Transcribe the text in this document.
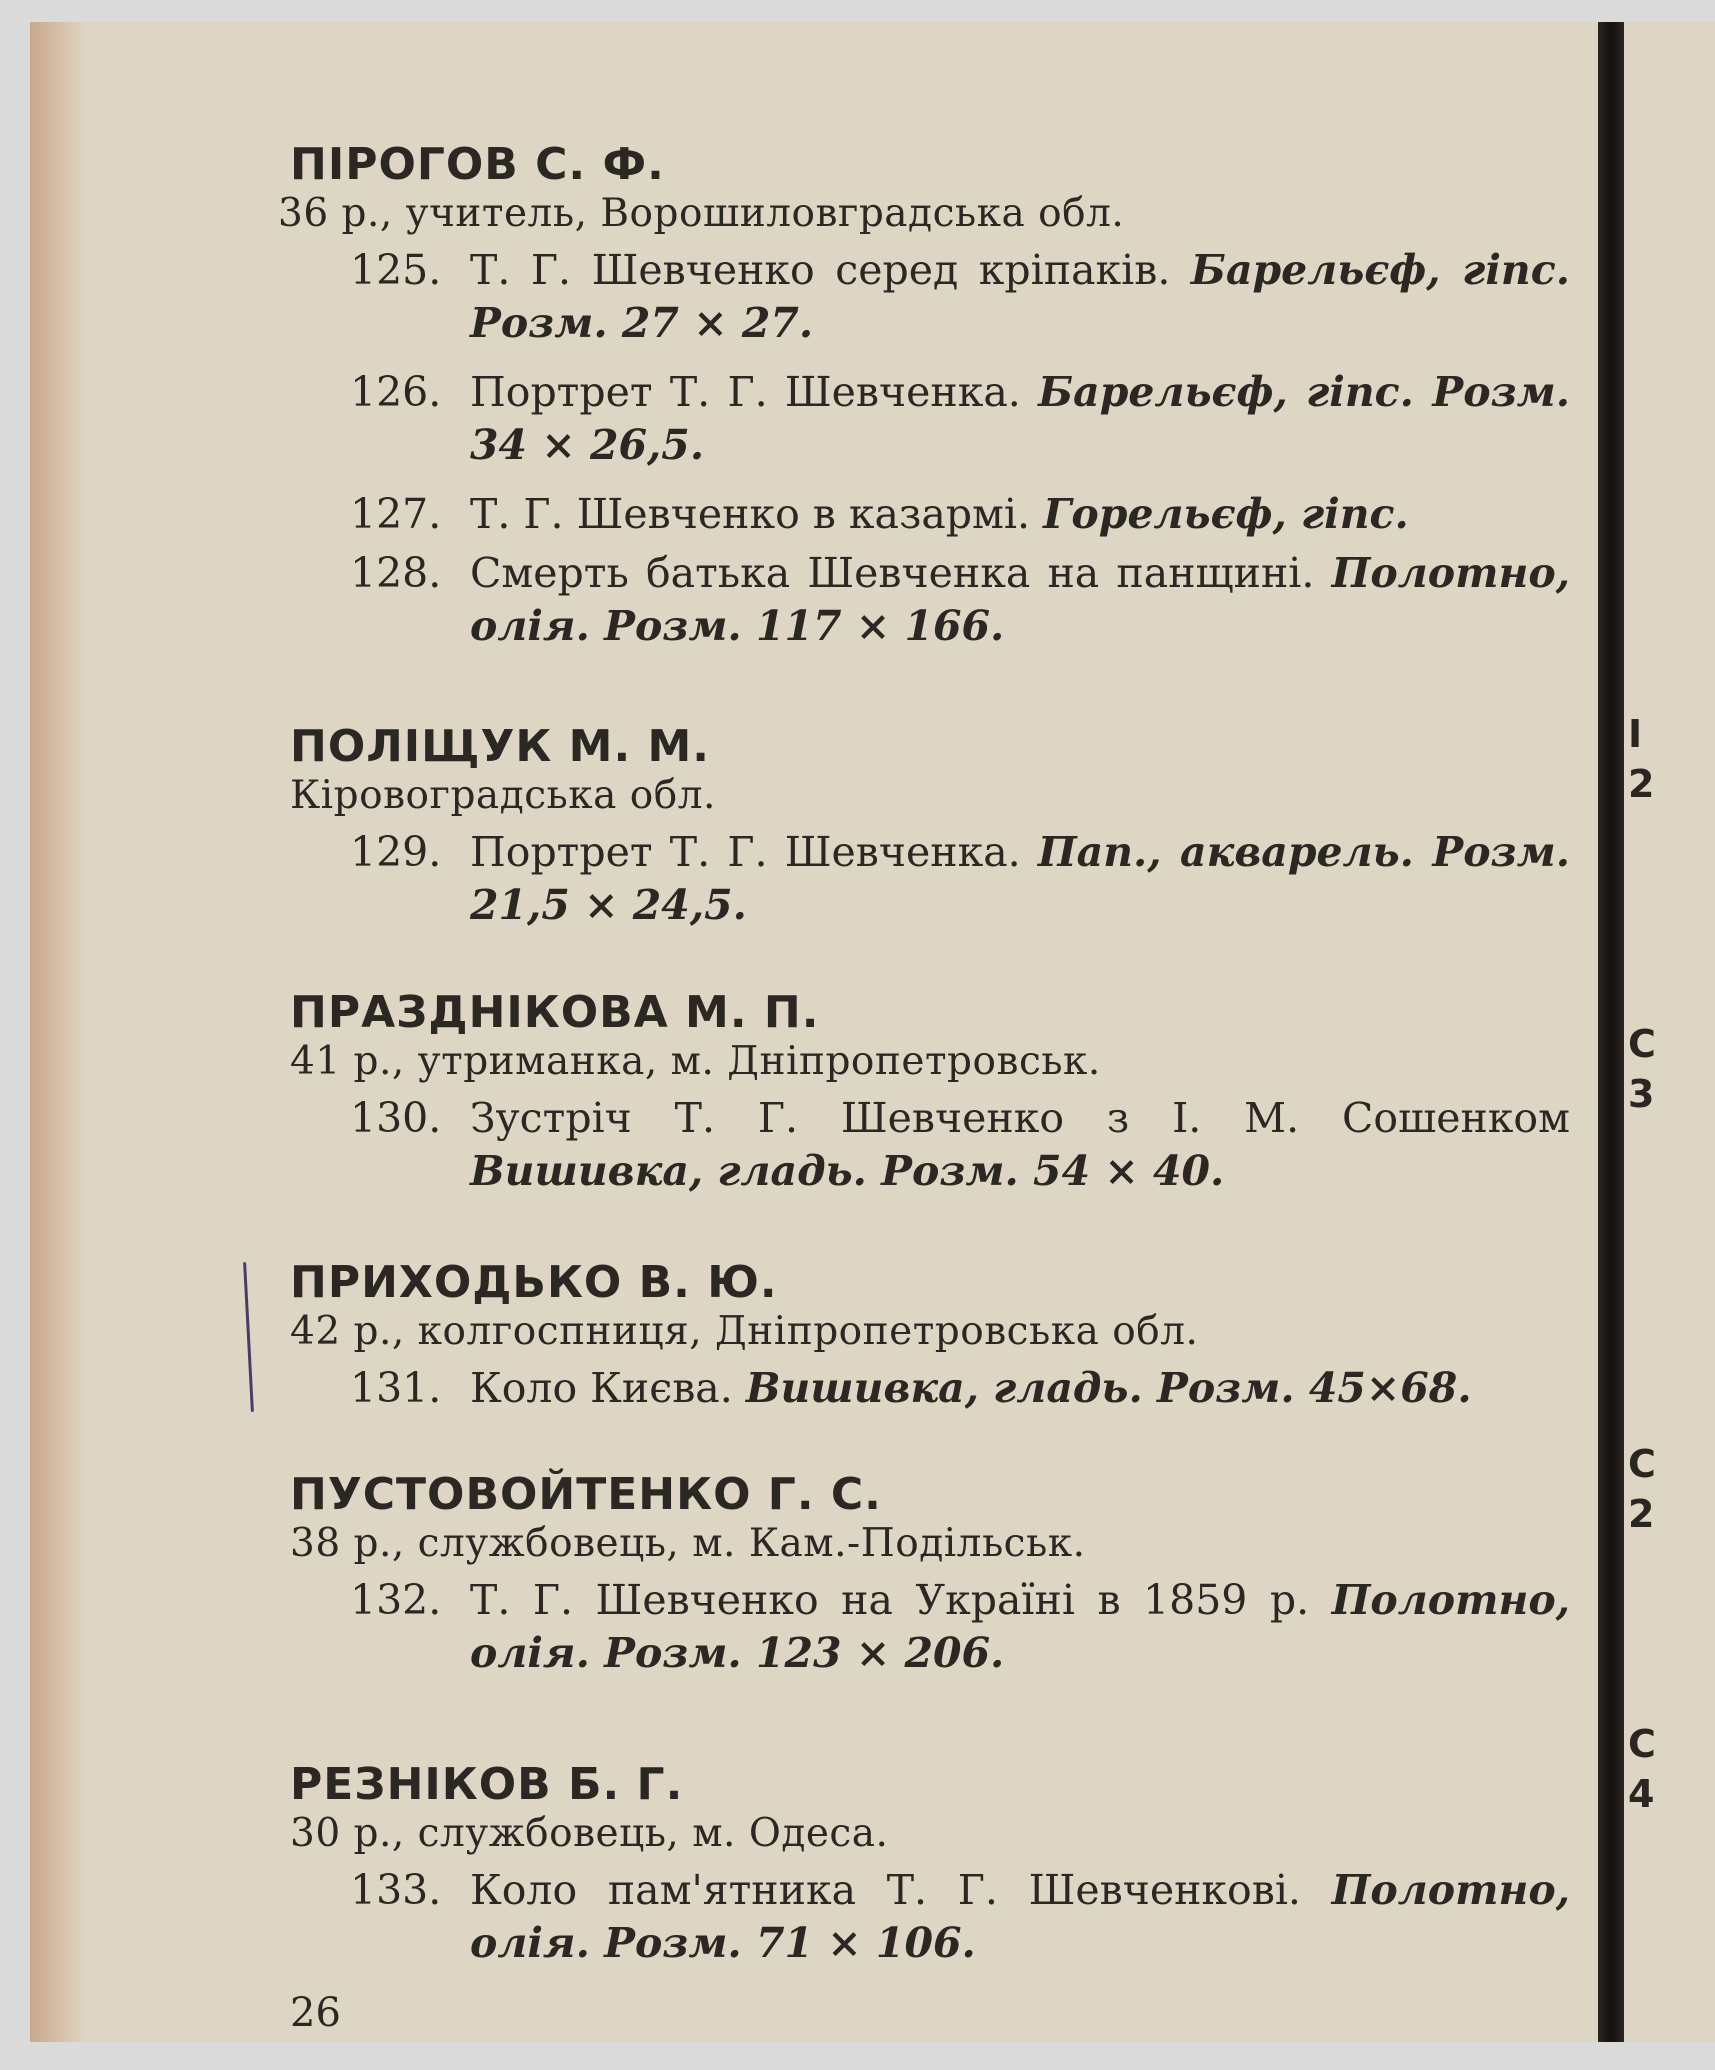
І
2
С
3
С
2
С
4
ПІРОГОВ С. Ф.
36 р., учитель, Ворошиловградська обл.
125. Т. Г. Шевченко серед кріпаків. Барельєф, гіпс. Розм. 27 × 27.
126. Портрет Т. Г. Шевченка. Барельєф, гіпс. Розм. 34 × 26,5.
127. Т. Г. Шевченко в казармі. Горельєф, гіпс.
128. Смерть батька Шевченка на панщині. Полотно, олія. Розм. 117 × 166.
ПОЛІЩУК М. М.
Кіровоградська обл.
129. Портрет Т. Г. Шевченка. Пап., акварель. Розм. 21,5 × 24,5.
ПРАЗДНІКОВА М. П.
41 р., утриманка, м. Дніпропетровськ.
130. Зустріч Т. Г. Шевченко з І. М. Сошенком Вишивка, гладь. Розм. 54 × 40.
ПРИХОДЬКО В. Ю.
42 р., колгоспниця, Дніпропетровська обл.
131. Коло Києва. Вишивка, гладь. Розм. 45×68.
ПУСТОВОЙТЕНКО Г. С.
38 р., службовець, м. Кам.-Подільськ.
132. Т. Г. Шевченко на Україні в 1859 р. Полотно, олія. Розм. 123 × 206.
РЕЗНІКОВ Б. Г.
30 р., службовець, м. Одеса.
133. Коло пам'ятника Т. Г. Шевченкові. Полотно, олія. Розм. 71 × 106.
26
